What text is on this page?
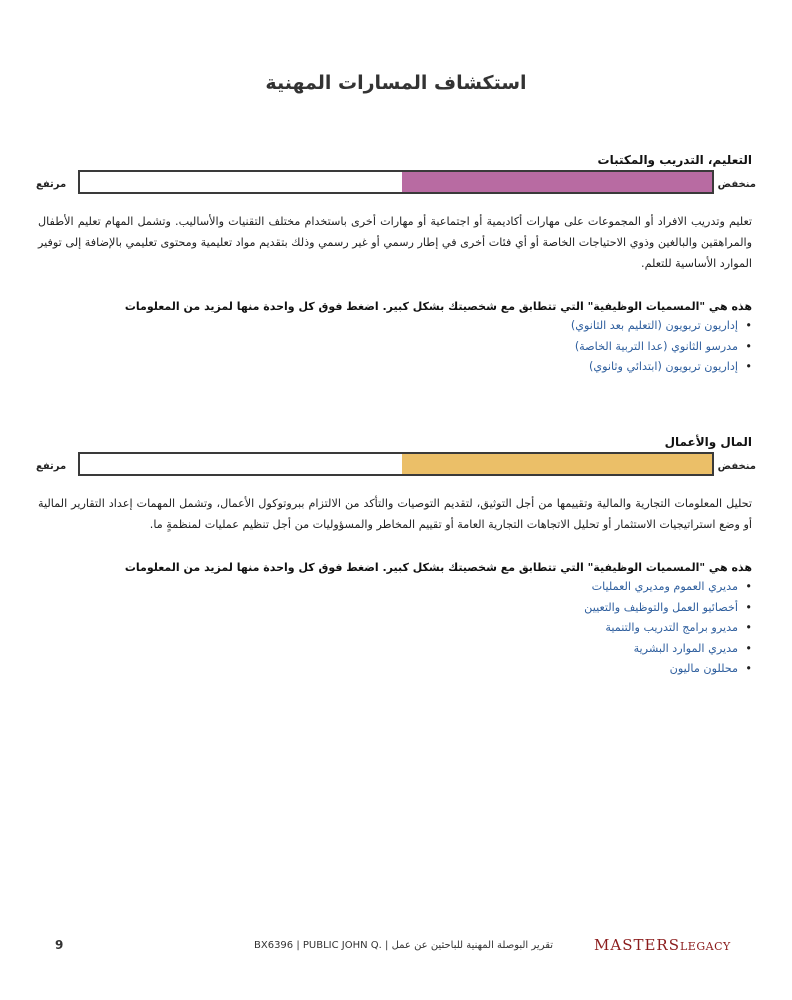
استكشاف المسارات المهنية
التعليم، التدريب والمكتبات
منخفض
مرتفع
تعليم وتدريب الافراد أو المجموعات على مهارات أكاديمية أو اجتماعية أو مهارات أخرى باستخدام مختلف التقنيات والأساليب. وتشمل المهام تعليم الأطفال والمراهقين والبالغين وذوي الاحتياجات الخاصة أو أي فئات أخرى في إطار رسمي أو غير رسمي وذلك بتقديم مواد تعليمية ومحتوى تعليمي بالإضافة إلى توفير الموارد الأساسية للتعلم.
هذه هي "المسميات الوظيفية" التي تتطابق مع شخصيتك بشكل كبير. اضغط فوق كل واحدة منها لمزيد من المعلومات
• إداريون تربويون (التعليم بعد الثانوي)
• مدرسو الثانوي (عدا التربية الخاصة)
• إداريون تربويون (ابتدائي وثانوي)
المال والأعمال
منخفض
مرتفع
تحليل المعلومات التجارية والمالية وتقييمها من أجل التوثيق، لتقديم التوصيات والتأكد من الالتزام ببروتوكول الأعمال، وتشمل المهمات إعداد التقارير المالية أو وضع استراتيجيات الاستثمار أو تحليل الاتجاهات التجارية العامة أو تقييم المخاطر والمسؤوليات من أجل تنظيم عمليات لمنظمةٍ ما.
هذه هي "المسميات الوظيفية" التي تتطابق مع شخصيتك بشكل كبير. اضغط فوق كل واحدة منها لمزيد من المعلومات
• مديري العموم ومديري العمليات
• أخصائيو العمل والتوظيف والتعيين
• مديرو برامج التدريب والتنمية
• مديري الموارد البشرية
• محللون ماليون
9	BX6396 | PUBLIC JOHN Q. | تقرير البوصلة المهنية للباحثين عن عمل	MASTERSLEGACY
